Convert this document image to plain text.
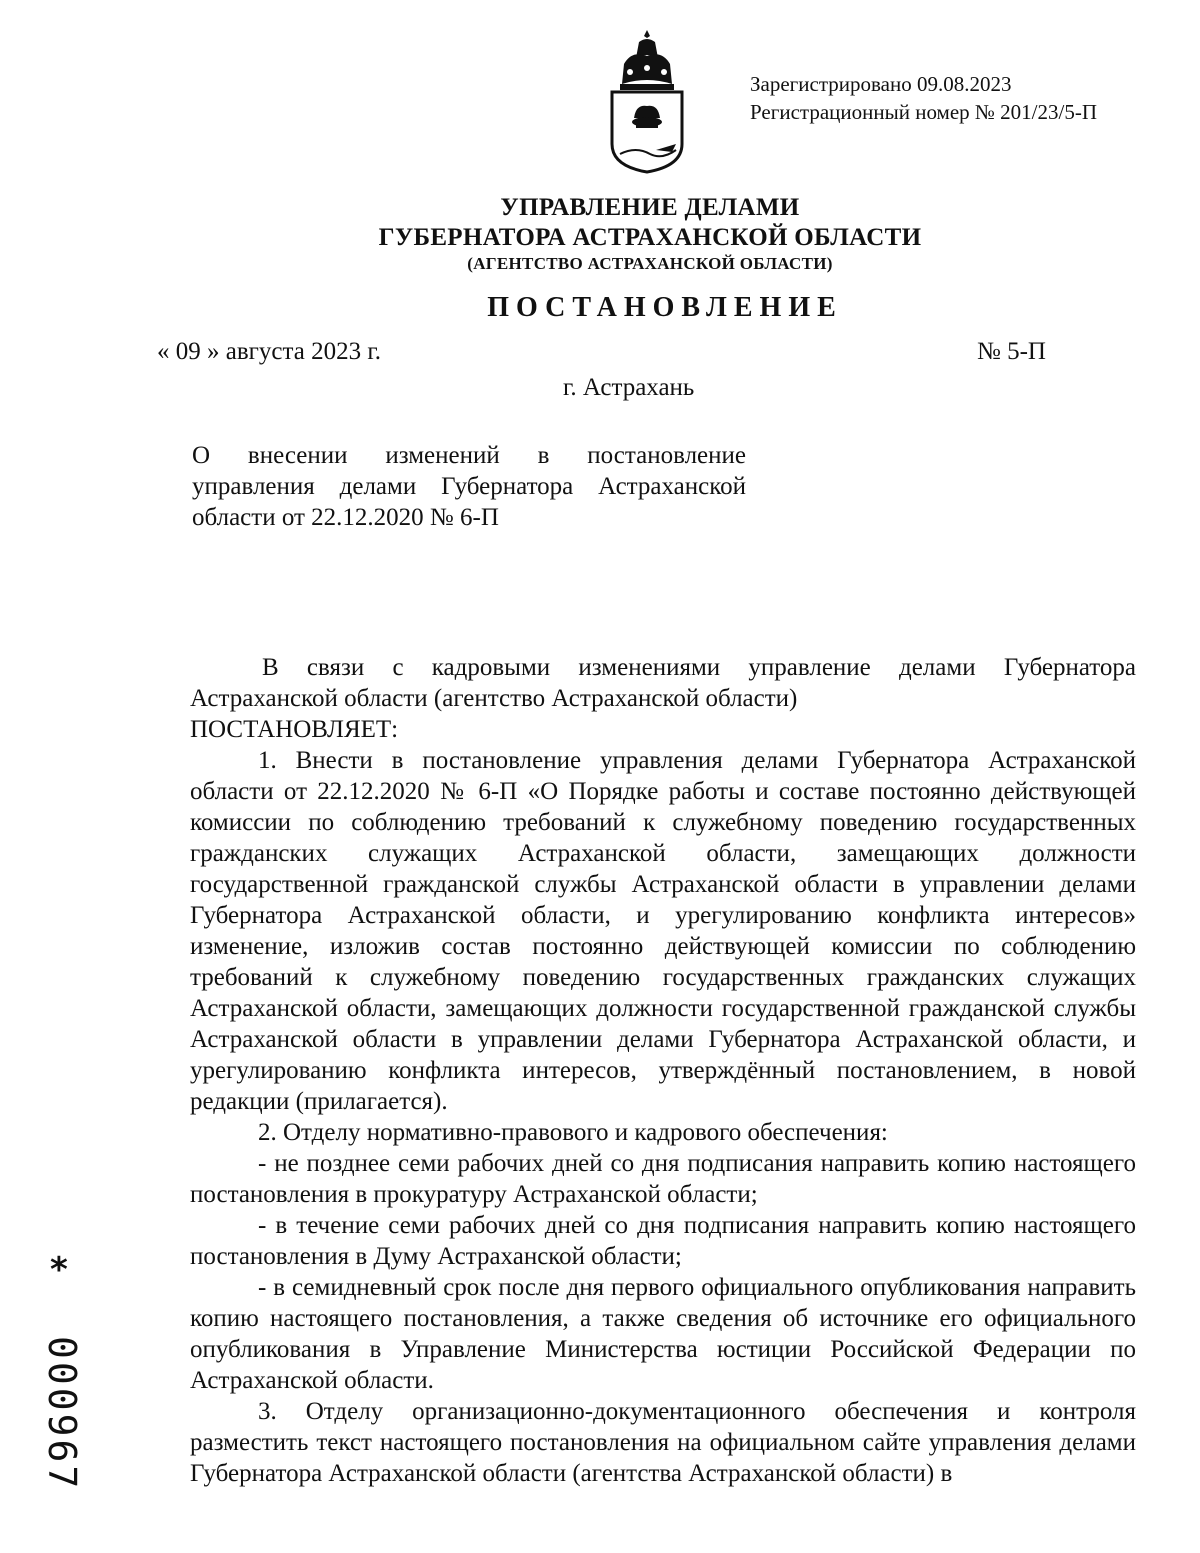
Зарегистрировано 09.08.2023
Регистрационный номер № 201/23/5-П
УПРАВЛЕНИЕ ДЕЛАМИ
ГУБЕРНАТОРА АСТРАХАНСКОЙ ОБЛАСТИ
(АГЕНТСТВО АСТРАХАНСКОЙ ОБЛАСТИ)
ПОСТАНОВЛЕНИЕ
« 09 » августа 2023 г.	№ 5-П
г. Астрахань
О внесении изменений в постановление управления делами Губернатора Астраханской области от 22.12.2020 № 6-П

В связи с кадровыми изменениями управление делами Губернатора Астраханской области (агентство Астраханской области)

ПОСТАНОВЛЯЕТ:

1. Внести в постановление управления делами Губернатора Астраханской области от 22.12.2020 № 6-П «О Порядке работы и составе постоянно действующей комиссии по соблюдению требований к служебному поведению государственных гражданских служащих Астраханской области, замещающих должности государственной гражданской службы Астраханской области в управлении делами Губернатора Астраханской области, и урегулированию конфликта интересов» изменение, изложив состав постоянно действующей комиссии по соблюдению требований к служебному поведению государственных гражданских служащих Астраханской области, замещающих должности государственной гражданской службы Астраханской области в управлении делами Губернатора Астраханской области, и урегулированию конфликта интересов, утверждённый постановлением, в новой редакции (прилагается).

2. Отделу нормативно-правового и кадрового обеспечения:

- не позднее семи рабочих дней со дня подписания направить копию настоящего постановления в прокуратуру Астраханской области;

- в течение семи рабочих дней со дня подписания направить копию настоящего постановления в Думу Астраханской области;

- в семидневный срок после дня первого официального опубликования направить копию настоящего постановления, а также сведения об источнике его официального опубликования в Управление Министерства юстиции Российской Федерации по Астраханской области.

3. Отделу организационно-документационного обеспечения и контроля разместить текст настоящего постановления на официальном сайте управления делами Губернатора Астраханской области (агентства Астраханской области) в

*
000967
